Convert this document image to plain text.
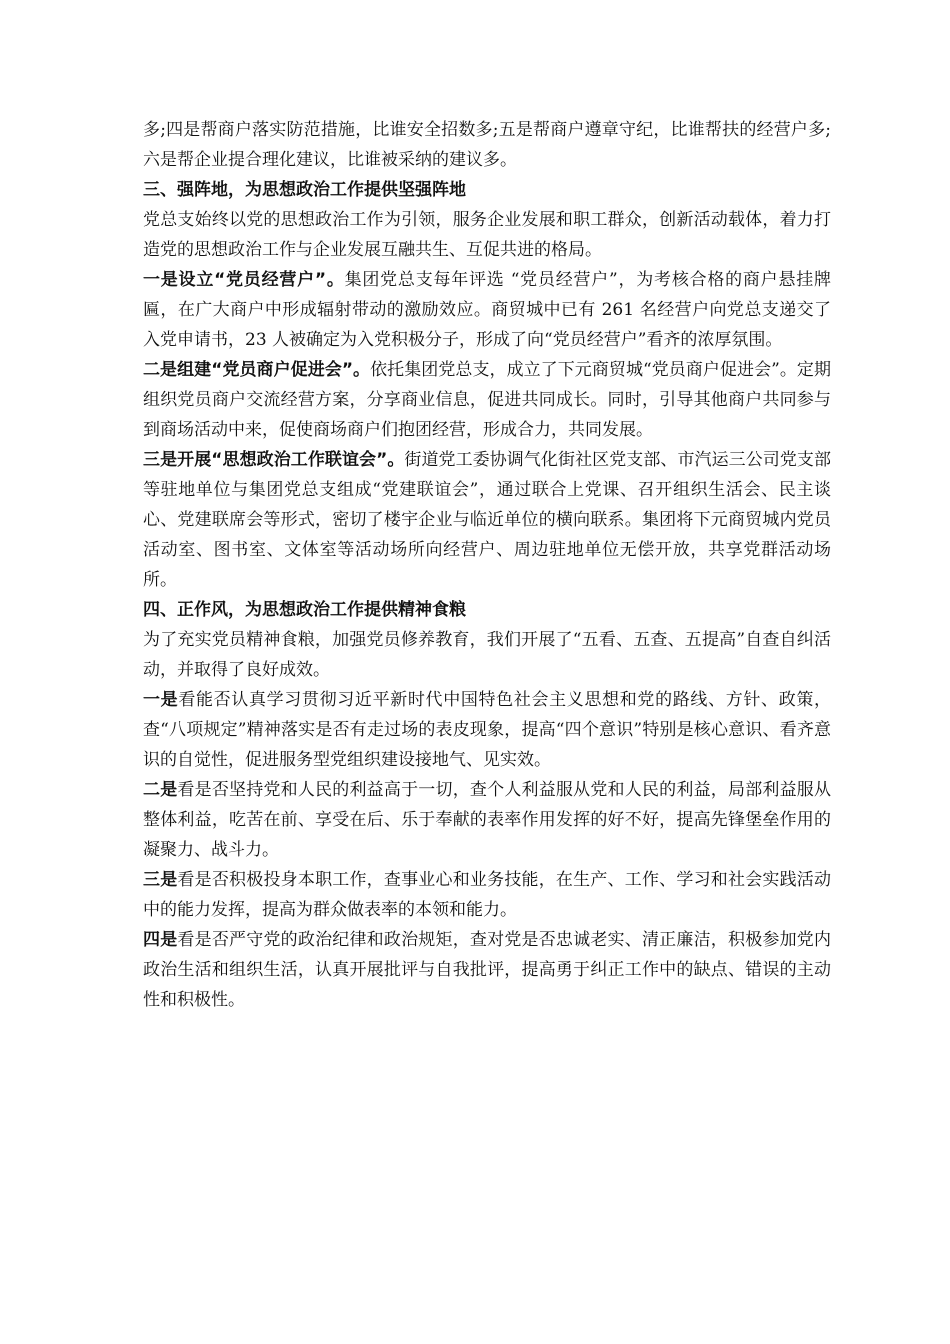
多;四是帮商户落实防范措施，比谁安全招数多;五是帮商户遵章守纪，比谁帮扶的经营户多;六是帮企业提合理化建议，比谁被采纳的建议多。

三、强阵地，为思想政治工作提供坚强阵地

党总支始终以党的思想政治工作为引领，服务企业发展和职工群众，创新活动载体，着力打造党的思想政治工作与企业发展互融共生、互促共进的格局。

一是设立“党员经营户”。集团党总支每年评选 “党员经营户”，为考核合格的商户悬挂牌匾，在广大商户中形成辐射带动的激励效应。商贸城中已有 261 名经营户向党总支递交了入党申请书，23 人被确定为入党积极分子，形成了向“党员经营户”看齐的浓厚氛围。

二是组建“党员商户促进会”。依托集团党总支，成立了下元商贸城“党员商户促进会”。定期组织党员商户交流经营方案，分享商业信息，促进共同成长。同时，引导其他商户共同参与到商场活动中来，促使商场商户们抱团经营，形成合力，共同发展。

三是开展“思想政治工作联谊会”。街道党工委协调气化街社区党支部、市汽运三公司党支部等驻地单位与集团党总支组成“党建联谊会”，通过联合上党课、召开组织生活会、民主谈心、党建联席会等形式，密切了楼宇企业与临近单位的横向联系。集团将下元商贸城内党员活动室、图书室、文体室等活动场所向经营户、周边驻地单位无偿开放，共享党群活动场所。

四、正作风，为思想政治工作提供精神食粮

为了充实党员精神食粮，加强党员修养教育，我们开展了“五看、五查、五提高”自查自纠活动，并取得了良好成效。

一是看能否认真学习贯彻习近平新时代中国特色社会主义思想和党的路线、方针、政策，查“八项规定”精神落实是否有走过场的表皮现象，提高“四个意识”特别是核心意识、看齐意识的自觉性，促进服务型党组织建设接地气、见实效。

二是看是否坚持党和人民的利益高于一切，查个人利益服从党和人民的利益，局部利益服从整体利益，吃苦在前、享受在后、乐于奉献的表率作用发挥的好不好，提高先锋堡垒作用的凝聚力、战斗力。

三是看是否积极投身本职工作，查事业心和业务技能，在生产、工作、学习和社会实践活动中的能力发挥，提高为群众做表率的本领和能力。

四是看是否严守党的政治纪律和政治规矩，查对党是否忠诚老实、清正廉洁，积极参加党内政治生活和组织生活，认真开展批评与自我批评，提高勇于纠正工作中的缺点、错误的主动性和积极性。
